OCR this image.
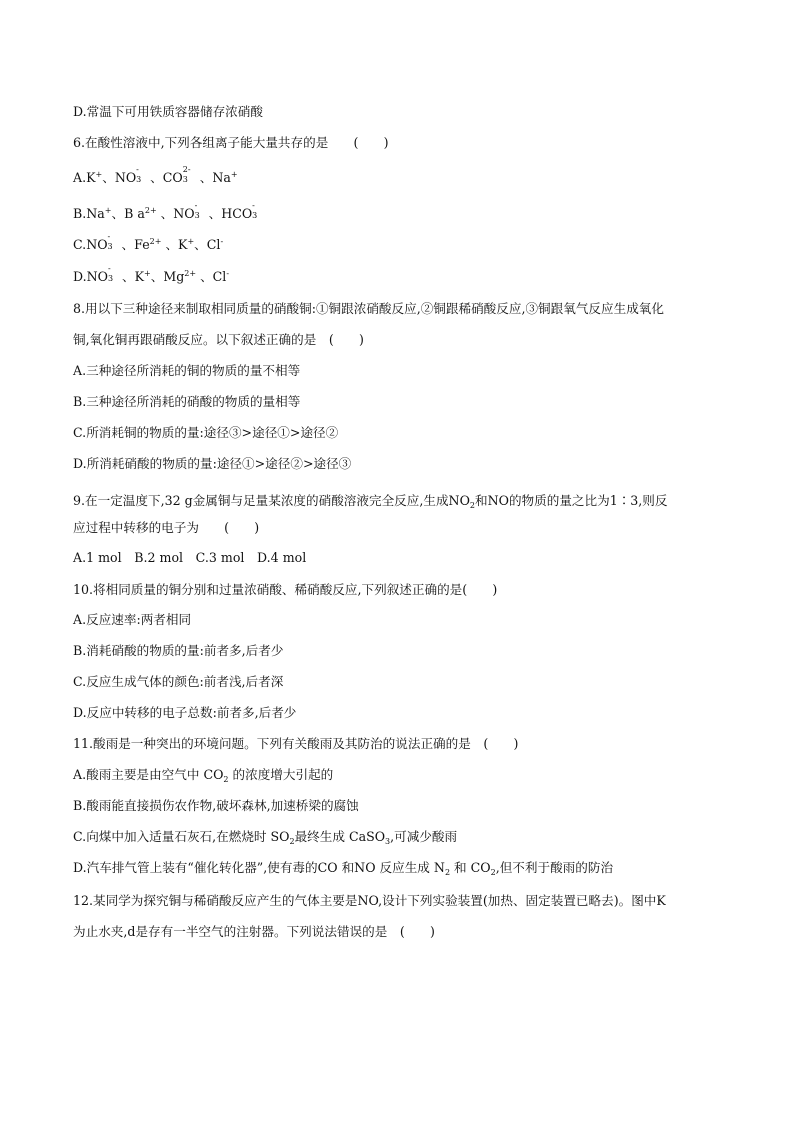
D.常温下可用铁质容器储存浓硝酸
6.在酸性溶液中,下列各组离子能大量共存的是　　(　　)
A.K+、NO
-
3 、CO
2-
3 、Na+
B.Na+、B $a^{2+}$ 、NO
-
3 、HCO
-
3
C.NO
-
3 、$Fe^{2+}$ 、K+、Cl-
D.NO
-
3 、K+、$Mg^{2+}$ 、Cl-
8.用以下三种途径来制取相同质量的硝酸铜:①铜跟浓硝酸反应,②铜跟稀硝酸反应,③铜跟氧气反应生成氧化
铜,氧化铜再跟硝酸反应。以下叙述正确的是　(　　)
A.三种途径所消耗的铜的物质的量不相等
B.三种途径所消耗的硝酸的物质的量相等
C.所消耗铜的物质的量:途径③>途径①>途径②
D.所消耗硝酸的物质的量:途径①>途径②>途径③
9.在一定温度下,32 g金属铜与足量某浓度的硝酸溶液完全反应,生成$NO_2$和NO的物质的量之比为1∶3,则反
应过程中转移的电子为　　(　　)
A.1 mol　B.2 mol　C.3 mol　D.4 mol
10.将相同质量的铜分别和过量浓硝酸、稀硝酸反应,下列叙述正确的是(　　)
A.反应速率:两者相同
B.消耗硝酸的物质的量:前者多,后者少
C.反应生成气体的颜色:前者浅,后者深
D.反应中转移的电子总数:前者多,后者少
11.酸雨是一种突出的环境问题。下列有关酸雨及其防治的说法正确的是　(　　)
A.酸雨主要是由空气中 $CO_2$ 的浓度增大引起的
B.酸雨能直接损伤农作物,破坏森林,加速桥梁的腐蚀
C.向煤中加入适量石灰石,在燃烧时 $SO_2$最终生成 CaSO$_3$,可减少酸雨
D.汽车排气管上装有“催化转化器”,使有毒的CO 和NO 反应生成 $N_2$ 和 $CO_2$,但不利于酸雨的防治
12.某同学为探究铜与稀硝酸反应产生的气体主要是NO,设计下列实验装置(加热、固定装置已略去)。图中K
为止水夹,d是存有一半空气的注射器。下列说法错误的是　(　　)
